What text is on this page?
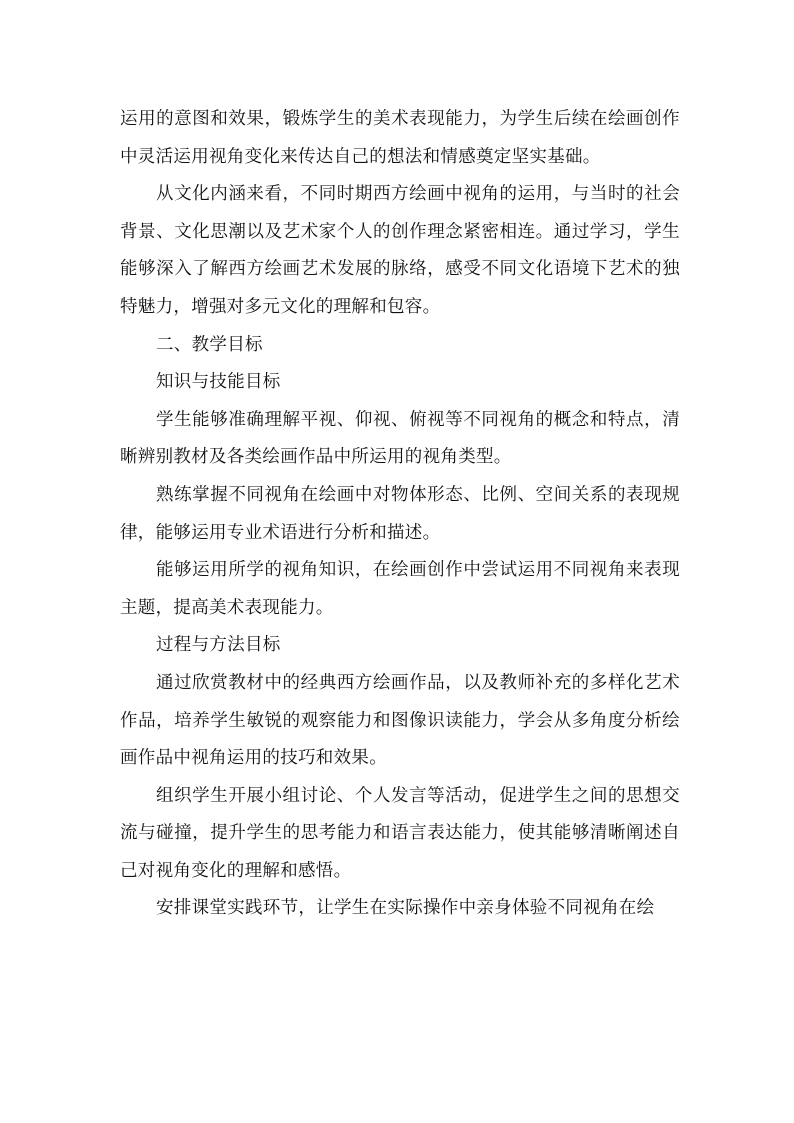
运用的意图和效果，锻炼学生的美术表现能力，为学生后续在绘画创作中灵活运用视角变化来传达自己的想法和情感奠定坚实基础。

从文化内涵来看，不同时期西方绘画中视角的运用，与当时的社会背景、文化思潮以及艺术家个人的创作理念紧密相连。通过学习，学生能够深入了解西方绘画艺术发展的脉络，感受不同文化语境下艺术的独特魅力，增强对多元文化的理解和包容。

二、教学目标

知识与技能目标

学生能够准确理解平视、仰视、俯视等不同视角的概念和特点，清晰辨别教材及各类绘画作品中所运用的视角类型。

熟练掌握不同视角在绘画中对物体形态、比例、空间关系的表现规律，能够运用专业术语进行分析和描述。

能够运用所学的视角知识，在绘画创作中尝试运用不同视角来表现主题，提高美术表现能力。

过程与方法目标

通过欣赏教材中的经典西方绘画作品，以及教师补充的多样化艺术作品，培养学生敏锐的观察能力和图像识读能力，学会从多角度分析绘画作品中视角运用的技巧和效果。

组织学生开展小组讨论、个人发言等活动，促进学生之间的思想交流与碰撞，提升学生的思考能力和语言表达能力，使其能够清晰阐述自己对视角变化的理解和感悟。

安排课堂实践环节，让学生在实际操作中亲身体验不同视角在绘
